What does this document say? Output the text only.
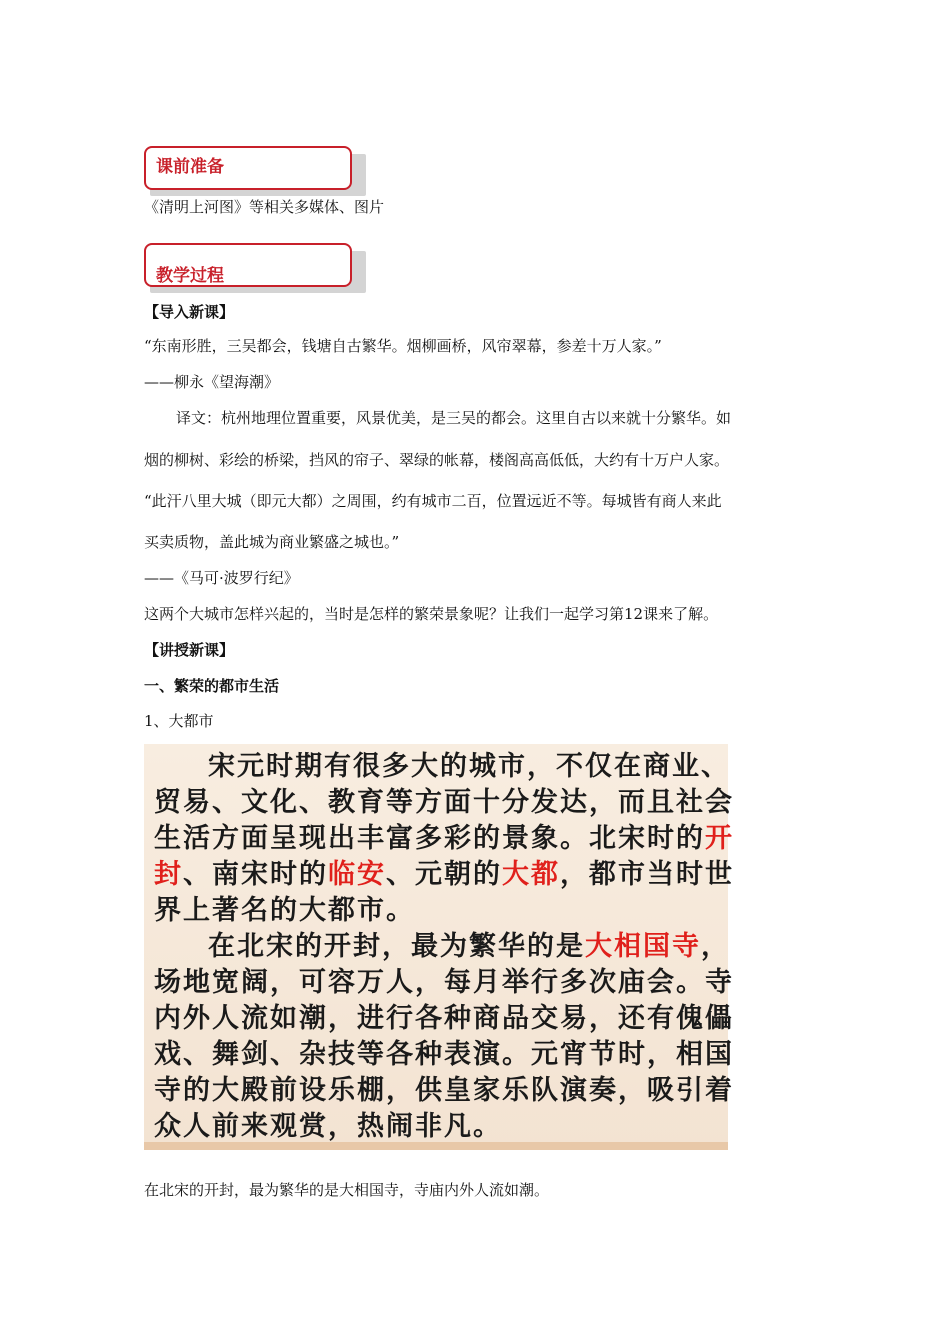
课前准备
《清明上河图》等相关多媒体、图片
教学过程
【导入新课】
“东南形胜，三吴都会，钱塘自古繁华。烟柳画桥，风帘翠幕，参差十万人家。”
——柳永《望海潮》
译文：杭州地理位置重要，风景优美，是三吴的都会。这里自古以来就十分繁华。如
烟的柳树、彩绘的桥梁，挡风的帘子、翠绿的帐幕，楼阁高高低低，大约有十万户人家。
“此汗八里大城（即元大都）之周围，约有城市二百，位置远近不等。每城皆有商人来此
买卖质物，盖此城为商业繁盛之城也。”
——《马可·波罗行纪》
这两个大城市怎样兴起的，当时是怎样的繁荣景象呢？让我们一起学习第12课来了解。
【讲授新课】
一、繁荣的都市生活
1、大都市
宋元时期有很多大的城市，不仅在商业、
贸易、文化、教育等方面十分发达，而且社会
生活方面呈现出丰富多彩的景象。北宋时的开
封、南宋时的临安、元朝的大都，都市当时世
界上著名的大都市。
在北宋的开封，最为繁华的是大相国寺，
场地宽阔，可容万人，每月举行多次庙会。寺
内外人流如潮，进行各种商品交易，还有傀儡
戏、舞剑、杂技等各种表演。元宵节时，相国
寺的大殿前设乐棚，供皇家乐队演奏，吸引着
众人前来观赏，热闹非凡。
在北宋的开封，最为繁华的是大相国寺，寺庙内外人流如潮。
